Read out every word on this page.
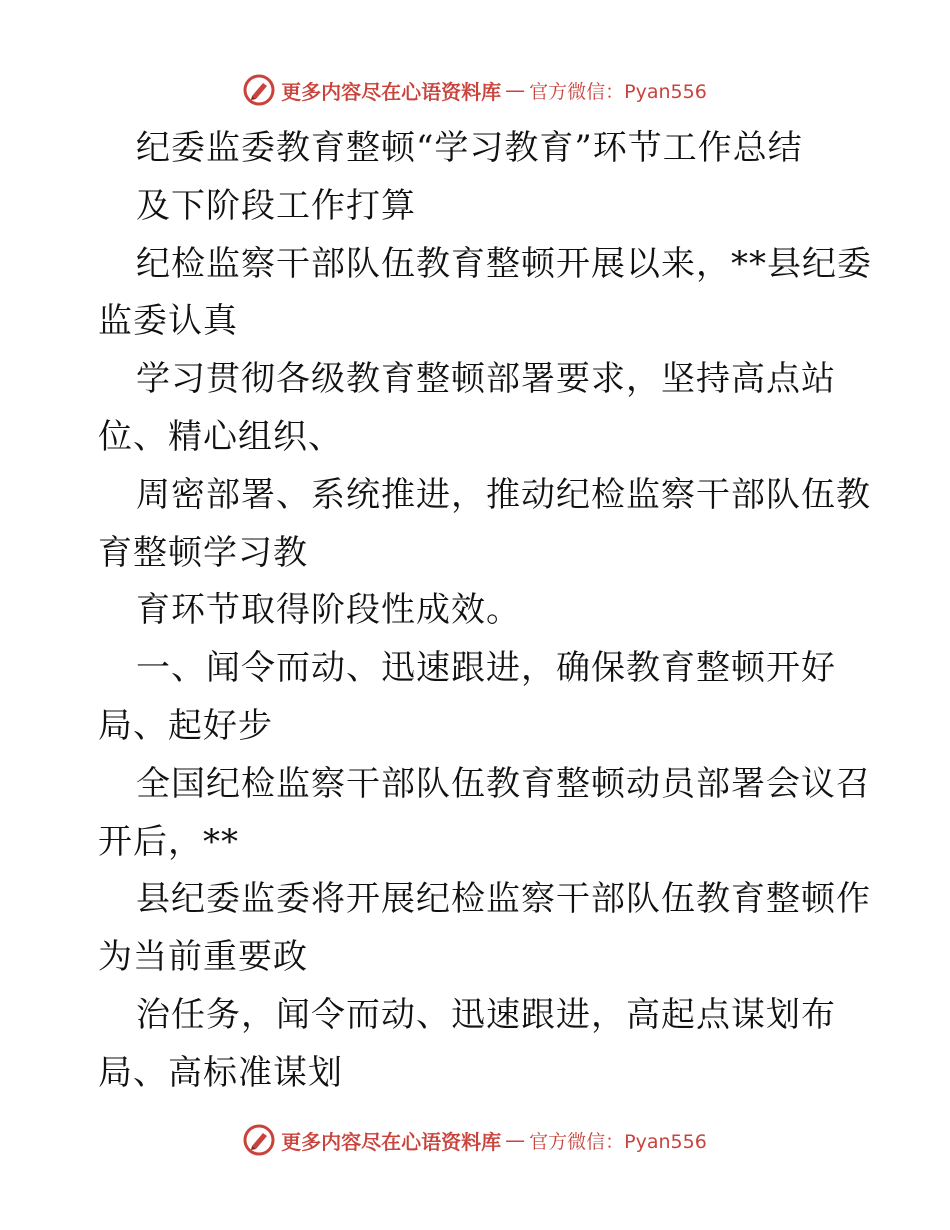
更多内容尽在心语资料库 — 官方微信：Pyan556
纪委监委教育整顿“学习教育”环节工作总结
及下阶段工作打算
纪检监察干部队伍教育整顿开展以来，**县纪委
监委认真
学习贯彻各级教育整顿部署要求，坚持高点站
位、精心组织、
周密部署、系统推进，推动纪检监察干部队伍教
育整顿学习教
育环节取得阶段性成效。
一、闻令而动、迅速跟进，确保教育整顿开好
局、起好步
全国纪检监察干部队伍教育整顿动员部署会议召
开后，**
县纪委监委将开展纪检监察干部队伍教育整顿作
为当前重要政
治任务，闻令而动、迅速跟进，高起点谋划布
局、高标准谋划
更多内容尽在心语资料库 — 官方微信：Pyan556
